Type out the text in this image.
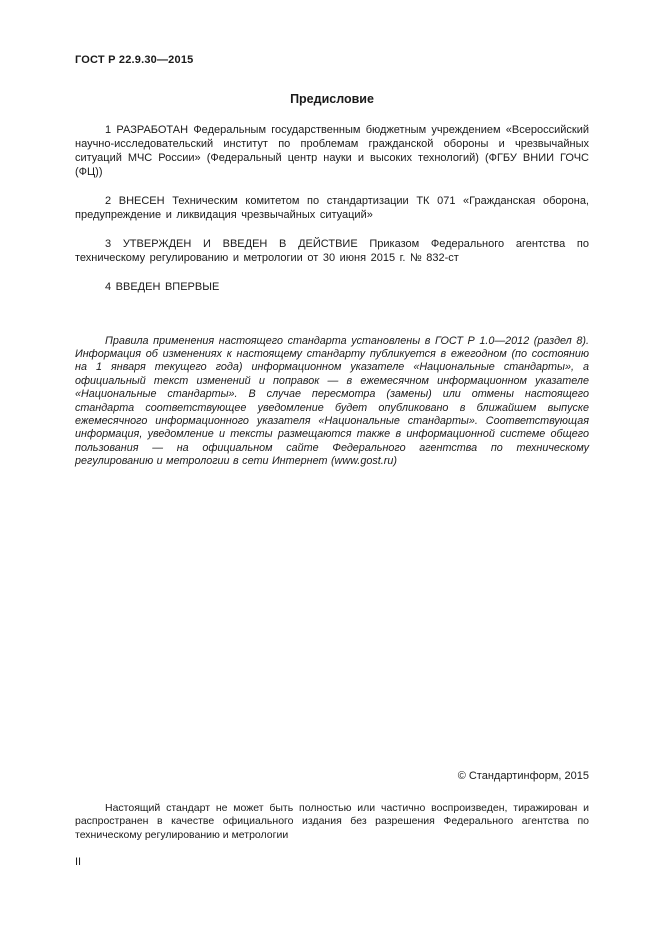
ГОСТ Р 22.9.30—2015
Предисловие

1 РАЗРАБОТАН Федеральным государственным бюджетным учреждением «Всероссийский научно-исследовательский институт по проблемам гражданской обороны и чрезвычайных ситуаций МЧС России» (Федеральный центр науки и высоких технологий) (ФГБУ ВНИИ ГОЧС (ФЦ))

2 ВНЕСЕН Техническим комитетом по стандартизации ТК 071 «Гражданская оборона, предупреждение и ликвидация чрезвычайных ситуаций»

3 УТВЕРЖДЕН И ВВЕДЕН В ДЕЙСТВИЕ Приказом Федерального агентства по техническому регулированию и метрологии от 30 июня 2015 г. № 832-ст

4 ВВЕДЕН ВПЕРВЫЕ

Правила применения настоящего стандарта установлены в ГОСТ Р 1.0—2012 (раздел 8). Информация об изменениях к настоящему стандарту публикуется в ежегодном (по состоянию на 1 января текущего года) информационном указателе «Национальные стандарты», а официальный текст изменений и поправок — в ежемесячном информационном указателе «Национальные стандарты». В случае пересмотра (замены) или отмены настоящего стандарта соответствующее уведомление будет опубликовано в ближайшем выпуске ежемесячного информационного указателя «Национальные стандарты». Соответствующая информация, уведомление и тексты размещаются также в информационной системе общего пользования — на официальном сайте Федерального агентства по техническому регулированию и метрологии в сети Интернет (www.gost.ru)

© Стандартинформ, 2015

Настоящий стандарт не может быть полностью или частично воспроизведен, тиражирован и распространен в качестве официального издания без разрешения Федерального агентства по техническому регулированию и метрологии

II
